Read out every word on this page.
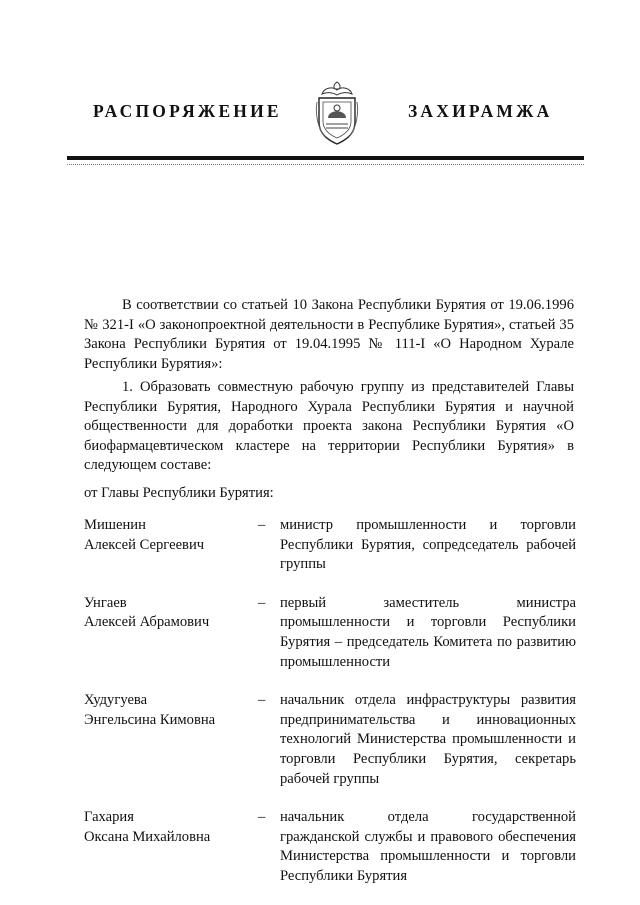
РАСПОРЯЖЕНИЕ	ЗАХИРАМЖА

В соответствии со статьей 10 Закона Республики Бурятия от 19.06.1996 № 321-I «О законопроектной деятельности в Республике Бурятия», статьей 35 Закона Республики Бурятия от 19.04.1995 № 111-I «О Народном Хурале Республики Бурятия»:

1. Образовать совместную рабочую группу из представителей Главы Республики Бурятия, Народного Хурала Республики Бурятия и научной общественности для доработки проекта закона Республики Бурятия «О биофармацевтическом кластере на территории Республики Бурятия» в следующем составе:

от Главы Республики Бурятия:
Мишенин
Алексей Сергеевич
– министр промышленности и торговли Республики Бурятия, сопредседатель рабочей группы
Унгаев
Алексей Абрамович
– первый заместитель министра промышленности и торговли Республики Бурятия – председатель Комитета по развитию промышленности
Худугуева
Энгельсина Кимовна
– начальник отдела инфраструктуры развития предпринимательства и инновационных технологий Министерства промышленности и торговли Республики Бурятия, секретарь рабочей группы
Гахария
Оксана Михайловна
– начальник отдела государственной гражданской службы и правового обеспечения Министерства промышленности и торговли Республики Бурятия
